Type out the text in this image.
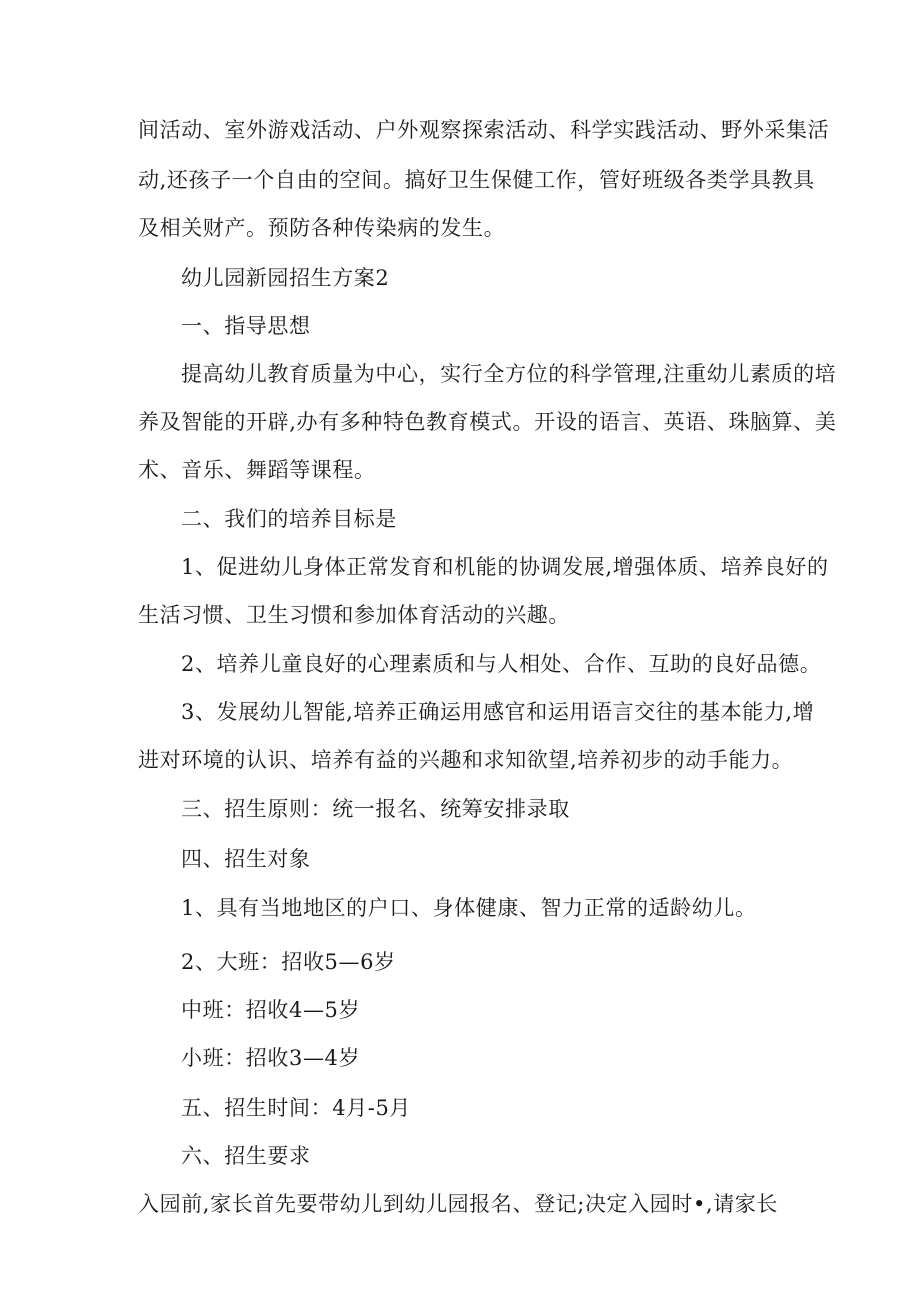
间活动、室外游戏活动、户外观察探索活动、科学实践活动、野外采集活
动,还孩子一个自由的空间。搞好卫生保健工作，管好班级各类学具教具
及相关财产。预防各种传染病的发生。
幼儿园新园招生方案2
一、指导思想
提高幼儿教育质量为中心，实行全方位的科学管理,注重幼儿素质的培
养及智能的开辟,办有多种特色教育模式。开设的语言、英语、珠脑算、美
术、音乐、舞蹈等课程。
二、我们的培养目标是
1、促进幼儿身体正常发育和机能的协调发展,增强体质、培养良好的
生活习惯、卫生习惯和参加体育活动的兴趣。
2、培养儿童良好的心理素质和与人相处、合作、互助的良好品德。
3、发展幼儿智能,培养正确运用感官和运用语言交往的基本能力,增
进对环境的认识、培养有益的兴趣和求知欲望,培养初步的动手能力。
三、招生原则：统一报名、统筹安排录取
四、招生对象
1、具有当地地区的户口、身体健康、智力正常的适龄幼儿。
2、大班：招收5—6岁
中班：招收4—5岁
小班：招收3—4岁
五、招生时间：4月-5月
六、招生要求
入园前,家长首先要带幼儿到幼儿园报名、登记;决定入园时•,请家长
